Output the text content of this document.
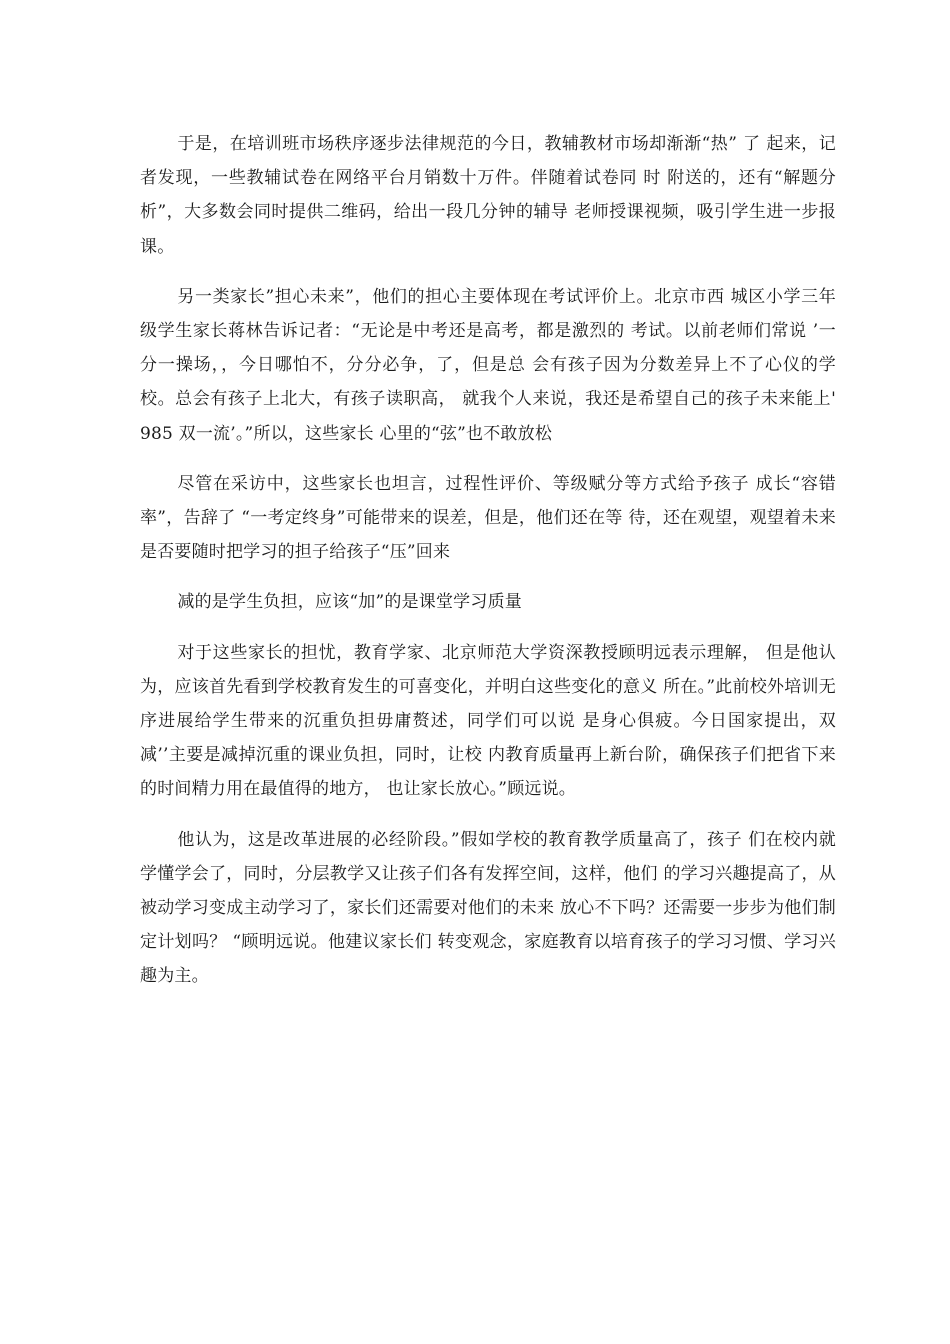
于是，在培训班市场秩序逐步法律规范的今日，教辅教材市场却渐渐“热” 了 起来，记者发现，一些教辅试卷在网络平台月销数十万件。伴随着试卷同 时 附送的，还有“解题分析”，大多数会同时提供二维码，给出一段几分钟的辅导 老师授课视频，吸引学生进一步报课。

另一类家长”担心未来”，他们的担心主要体现在考试评价上。北京市西 城区小学三年级学生家长蒋林告诉记者：“无论是中考还是高考，都是激烈的 考试。以前老师们常说 ’一分一操场，，今日哪怕不，分分必争，了，但是总 会有孩子因为分数差异上不了心仪的学校。总会有孩子上北大，有孩子读职高， 就我个人来说，我还是希望自己的孩子未来能上' 985 双一流’。”所以，这些家长 心里的“弦”也不敢放松

尽管在采访中，这些家长也坦言，过程性评价、等级赋分等方式给予孩子 成长“容错率”，告辞了 “一考定终身”可能带来的误差，但是，他们还在等 待，还在观望，观望着未来是否要随时把学习的担子给孩子“压”回来

减的是学生负担，应该“加”的是课堂学习质量

对于这些家长的担忧，教育学家、北京师范大学资深教授顾明远表示理解， 但是他认为，应该首先看到学校教育发生的可喜变化，并明白这些变化的意义 所在。”此前校外培训无序进展给学生带来的沉重负担毋庸赘述，同学们可以说 是身心俱疲。今日国家提出，双减’’主要是减掉沉重的课业负担，同时，让校 内教育质量再上新台阶，确保孩子们把省下来的时间精力用在最值得的地方， 也让家长放心。”顾远说。

他认为，这是改革进展的必经阶段。”假如学校的教育教学质量高了，孩子 们在校内就学懂学会了，同时，分层教学又让孩子们各有发挥空间，这样，他们 的学习兴趣提高了，从被动学习变成主动学习了，家长们还需要对他们的未来 放心不下吗？还需要一步步为他们制定计划吗？ “顾明远说。他建议家长们 转变观念，家庭教育以培育孩子的学习习惯、学习兴趣为主。
